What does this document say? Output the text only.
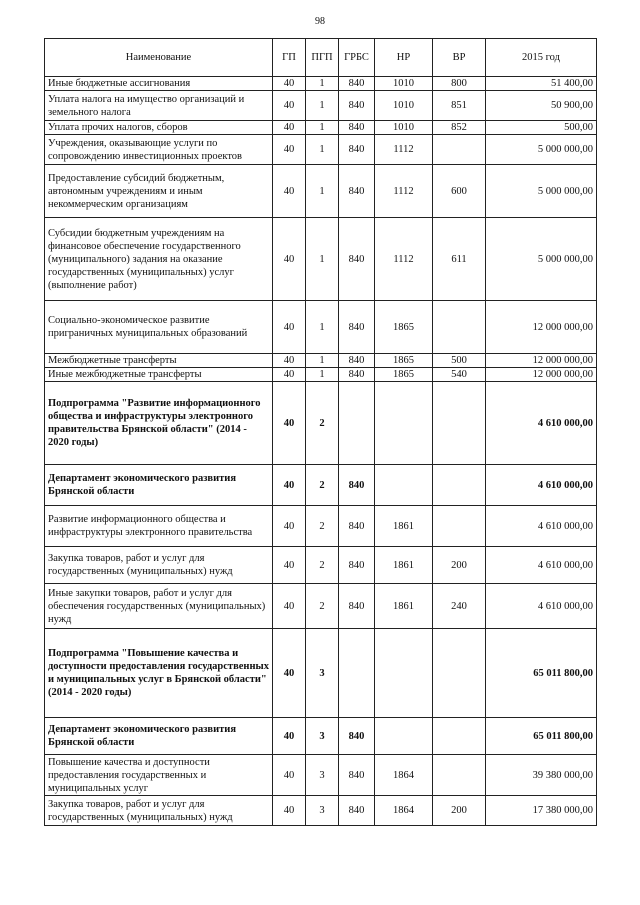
98
Наименование	ГП	ПГП	ГРБС	НР	ВР	2015 год
Иные бюджетные ассигнования	40	1	840	1010	800	51 400,00
Уплата налога на имущество организаций и земельного налога	40	1	840	1010	851	50 900,00
Уплата прочих налогов, сборов	40	1	840	1010	852	500,00
Учреждения, оказывающие услуги по сопровождению инвестиционных проектов	40	1	840	1112		5 000 000,00
Предоставление субсидий бюджетным, автономным учреждениям и иным некоммерческим организациям	40	1	840	1112	600	5 000 000,00
Субсидии бюджетным учреждениям на финансовое обеспечение государственного (муниципального) задания на оказание государственных (муниципальных) услуг (выполнение работ)	40	1	840	1112	611	5 000 000,00
Социально-экономическое развитие приграничных муниципальных образований	40	1	840	1865		12 000 000,00
Межбюджетные трансферты	40	1	840	1865	500	12 000 000,00
Иные межбюджетные трансферты	40	1	840	1865	540	12 000 000,00
Подпрограмма "Развитие информационного общества и инфраструктуры электронного правительства Брянской области" (2014 - 2020 годы)	40	2				4 610 000,00
Департамент экономического развития Брянской области	40	2	840			4 610 000,00
Развитие информационного общества и инфраструктуры электронного правительства	40	2	840	1861		4 610 000,00
Закупка товаров, работ и услуг для государственных (муниципальных) нужд	40	2	840	1861	200	4 610 000,00
Иные закупки товаров, работ и услуг для обеспечения государственных (муниципальных) нужд	40	2	840	1861	240	4 610 000,00
Подпрограмма "Повышение качества и доступности предоставления государственных и муниципальных услуг в Брянской области" (2014 - 2020 годы)	40	3				65 011 800,00
Департамент экономического развития Брянской области	40	3	840			65 011 800,00
Повышение качества и доступности предоставления государственных и муниципальных услуг	40	3	840	1864		39 380 000,00
Закупка товаров, работ и услуг для государственных (муниципальных) нужд	40	3	840	1864	200	17 380 000,00
